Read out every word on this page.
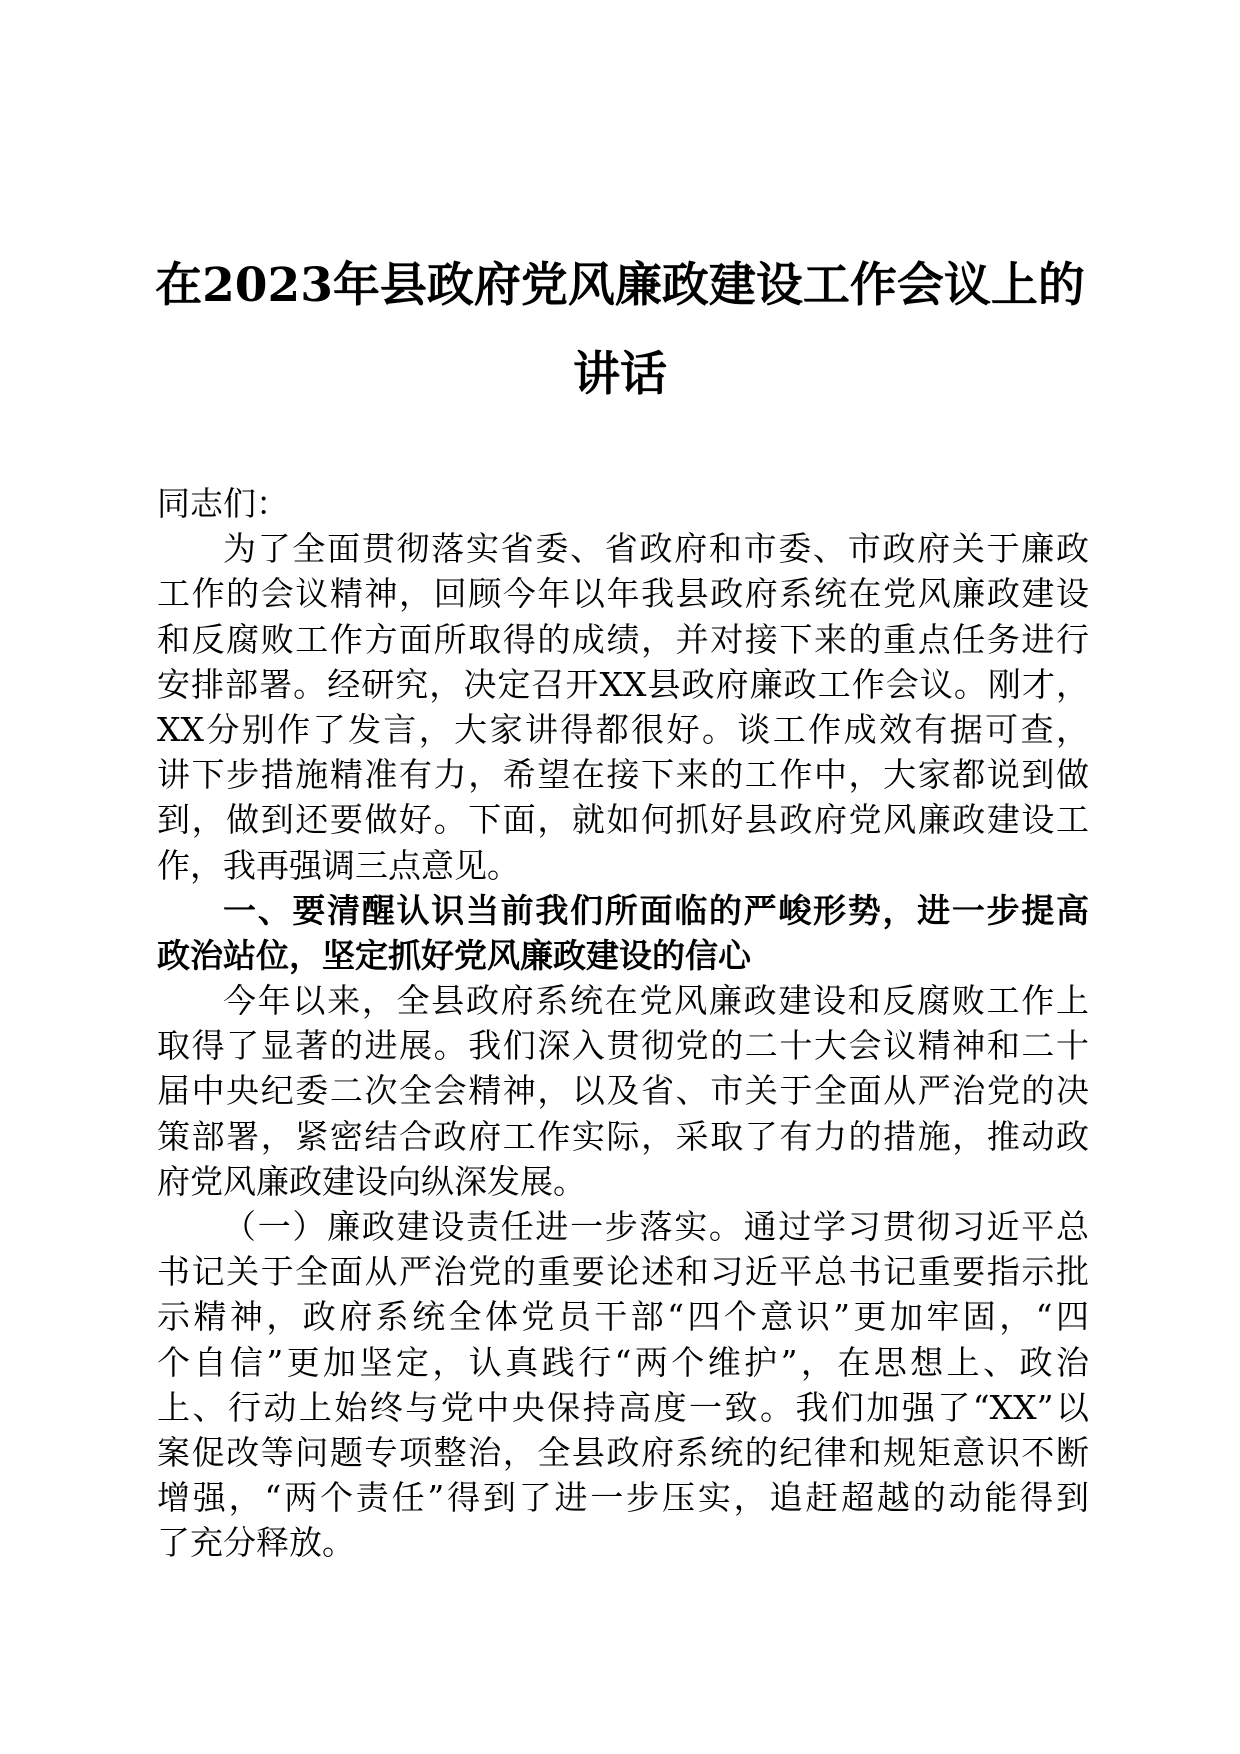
在2023年县政府党风廉政建设工作会议上的
讲话
同志们：
为了全面贯彻落实省委、省政府和市委、市政府关于廉政
工作的会议精神，回顾今年以年我县政府系统在党风廉政建设
和反腐败工作方面所取得的成绩，并对接下来的重点任务进行
安排部署。经研究，决定召开XX县政府廉政工作会议。刚才，
XX分别作了发言，大家讲得都很好。谈工作成效有据可查，
讲下步措施精准有力，希望在接下来的工作中，大家都说到做
到，做到还要做好。下面，就如何抓好县政府党风廉政建设工
作，我再强调三点意见。
一、要清醒认识当前我们所面临的严峻形势，进一步提高
政治站位，坚定抓好党风廉政建设的信心
今年以来，全县政府系统在党风廉政建设和反腐败工作上
取得了显著的进展。我们深入贯彻党的二十大会议精神和二十
届中央纪委二次全会精神，以及省、市关于全面从严治党的决
策部署，紧密结合政府工作实际，采取了有力的措施，推动政
府党风廉政建设向纵深发展。
（一）廉政建设责任进一步落实。通过学习贯彻习近平总
书记关于全面从严治党的重要论述和习近平总书记重要指示批
示精神，政府系统全体党员干部“四个意识”更加牢固，“四
个自信”更加坚定，认真践行“两个维护”，在思想上、政治
上、行动上始终与党中央保持高度一致。我们加强了“XX”以
案促改等问题专项整治，全县政府系统的纪律和规矩意识不断
增强，“两个责任”得到了进一步压实，追赶超越的动能得到
了充分释放。
